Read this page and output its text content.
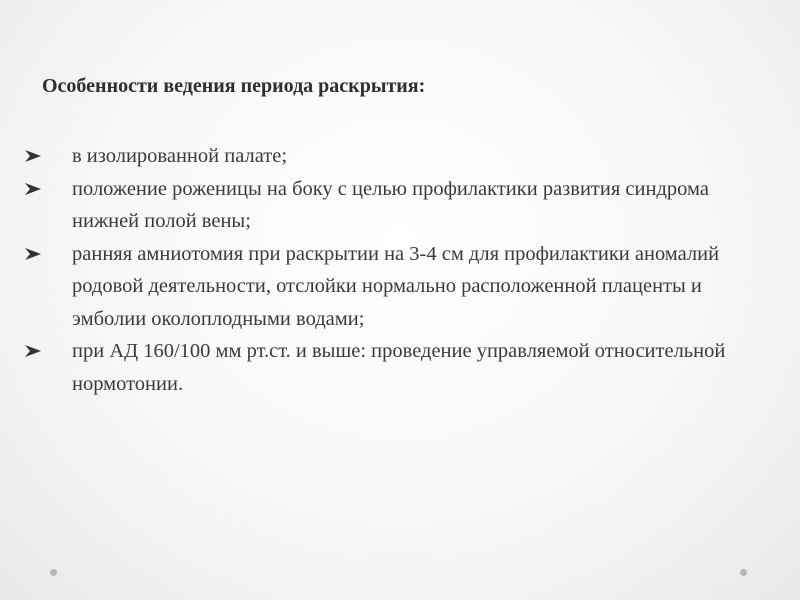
Особенности ведения периода раскрытия:
в изолированной палате;
положение роженицы на боку с целью профилактики развития синдрома нижней полой вены;
ранняя амниотомия при раскрытии на 3-4 см для профилактики аномалий родовой деятельности, отслойки нормально расположенной плаценты и эмболии околоплодными водами;
при АД 160/100 мм рт.ст. и выше: проведение управляемой относительной нормотонии.
